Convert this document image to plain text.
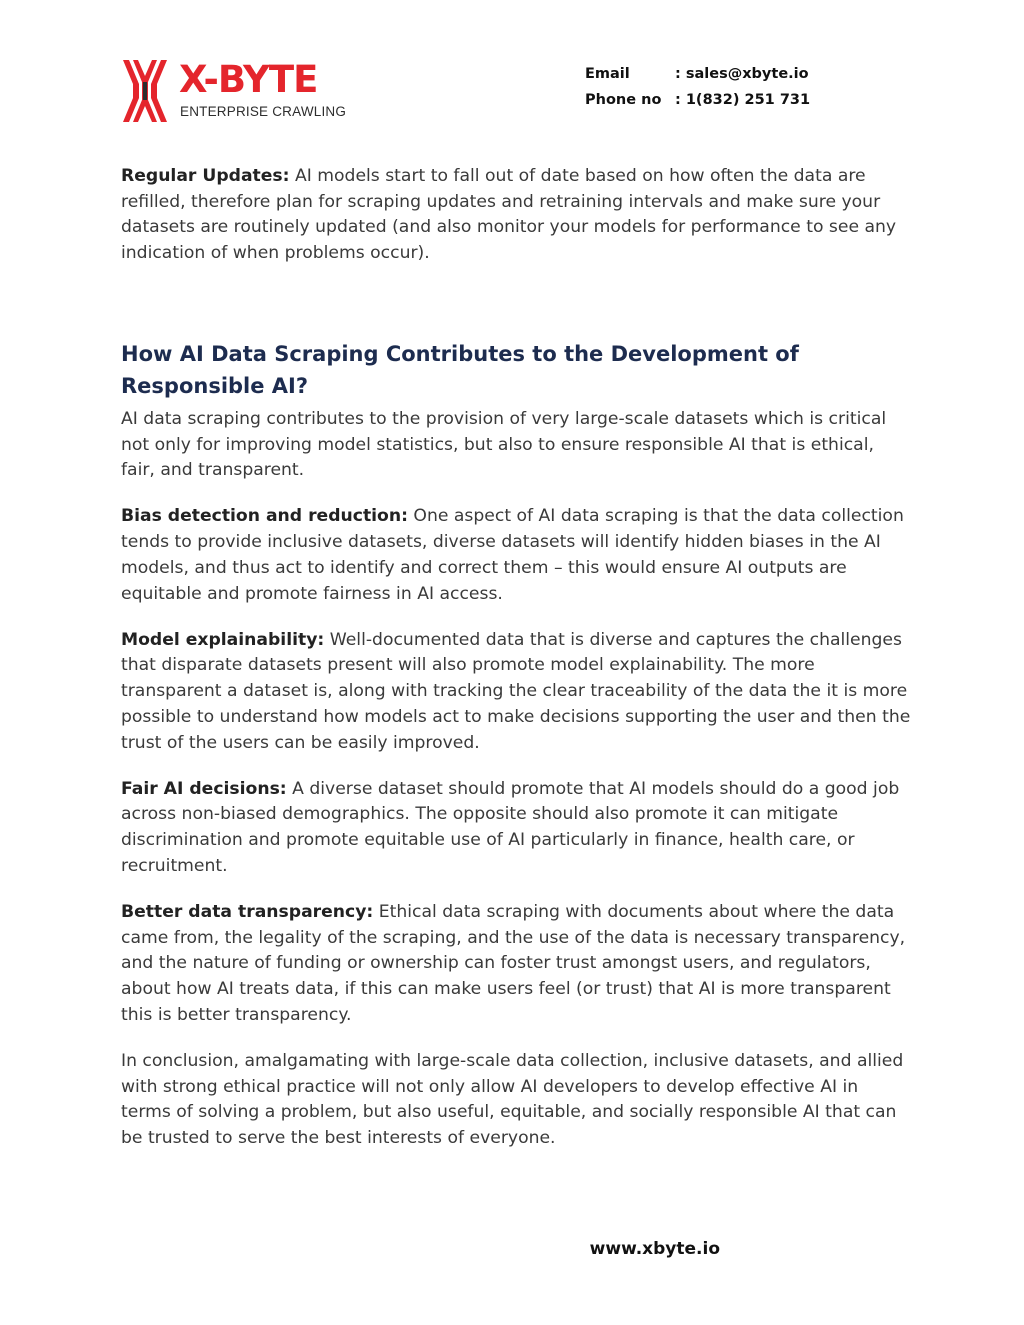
X-BYTE
ENTERPRISE CRAWLING
Email	: sales@xbyte.io
Phone no : 1(832) 251 731

Regular Updates: AI models start to fall out of date based on how often the data are refilled, therefore plan for scraping updates and retraining intervals and make sure your datasets are routinely updated (and also monitor your models for performance to see any indication of when problems occur).

How AI Data Scraping Contributes to the Development of Responsible AI?

AI data scraping contributes to the provision of very large-scale datasets which is critical not only for improving model statistics, but also to ensure responsible AI that is ethical, fair, and transparent.

Bias detection and reduction: One aspect of AI data scraping is that the data collection tends to provide inclusive datasets, diverse datasets will identify hidden biases in the AI models, and thus act to identify and correct them – this would ensure AI outputs are equitable and promote fairness in AI access.

Model explainability: Well-documented data that is diverse and captures the challenges that disparate datasets present will also promote model explainability. The more transparent a dataset is, along with tracking the clear traceability of the data the it is more possible to understand how models act to make decisions supporting the user and then the trust of the users can be easily improved.

Fair AI decisions: A diverse dataset should promote that AI models should do a good job across non-biased demographics. The opposite should also promote it can mitigate discrimination and promote equitable use of AI particularly in finance, health care, or recruitment.

Better data transparency: Ethical data scraping with documents about where the data came from, the legality of the scraping, and the use of the data is necessary transparency, and the nature of funding or ownership can foster trust amongst users, and regulators, about how AI treats data, if this can make users feel (or trust) that AI is more transparent this is better transparency.

In conclusion, amalgamating with large-scale data collection, inclusive datasets, and allied with strong ethical practice will not only allow AI developers to develop effective AI in terms of solving a problem, but also useful, equitable, and socially responsible AI that can be trusted to serve the best interests of everyone.

www.xbyte.io
